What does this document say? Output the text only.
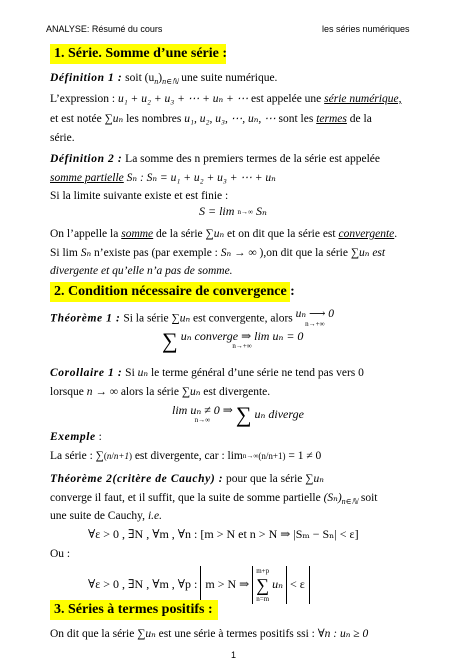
ANALYSE: Résumé du cours	les séries numériques
1. Série. Somme d’une série :
Définition 1 : soit $(u_n)_{n\in ℕ}$ une suite numérique.
L’expression : u₁ + u₂ + u₃ + ⋯ + uₙ + ⋯ est appelée une série numérique,
et est notée ∑uₙ les nombres u₁, u₂, u₃, ⋯, uₙ, ⋯ sont les termes de la
série.
Définition 2 : La somme des n premiers termes de la série est appelée
somme partielle Sₙ : Sₙ = u₁ + u₂ + u₃ + ⋯ + uₙ
Si la limite suivante existe et est finie :
S = lim n→∞ Sₙ
On l’appelle la somme de la série ∑uₙ et on dit que la série est convergente.
Si lim Sₙ n’existe pas (par exemple : Sₙ → ∞ ),on dit que la série ∑uₙ est
divergente et qu’elle n’a pas de somme.
2. Condition nécessaire de convergence :
Théorème 1 : Si la série ∑uₙ est convergente, alors uₙ ⟶ 0
n→+∞
∑ uₙ converge ⇒ lim uₙ = 0
n→+∞
Corollaire 1 : Si uₙ le terme général d’une série ne tend pas vers 0
lorsque n → ∞ alors la série ∑uₙ est divergente.
lim uₙ ≠ 0 ⇒
n→∞	∑ uₙ diverge
Exemple :
La série : ∑(n/n+1) est divergente, car : lim n→∞ (n/n+1) = 1 ≠ 0
Théorème 2(critère de Cauchy) : pour que la série ∑uₙ
converge il faut, et il suffit, que la suite de somme partielle $(S_n)_{n\in ℕ}$ soit
une suite de Cauchy, i.e.
∀ε > 0 , ∃N , ∀m , ∀n : [m > N et n > N ⇒ |Sₘ − Sₙ| < ε]
Ou :
∀ε > 0 , ∃N , ∀m , ∀p : m > N ⇒
m+p
∑
n=m
uₙ < ε
3. Séries à termes positifs :
On dit que la série ∑uₙ est une série à termes positifs ssi : ∀n : uₙ ≥ 0
1
